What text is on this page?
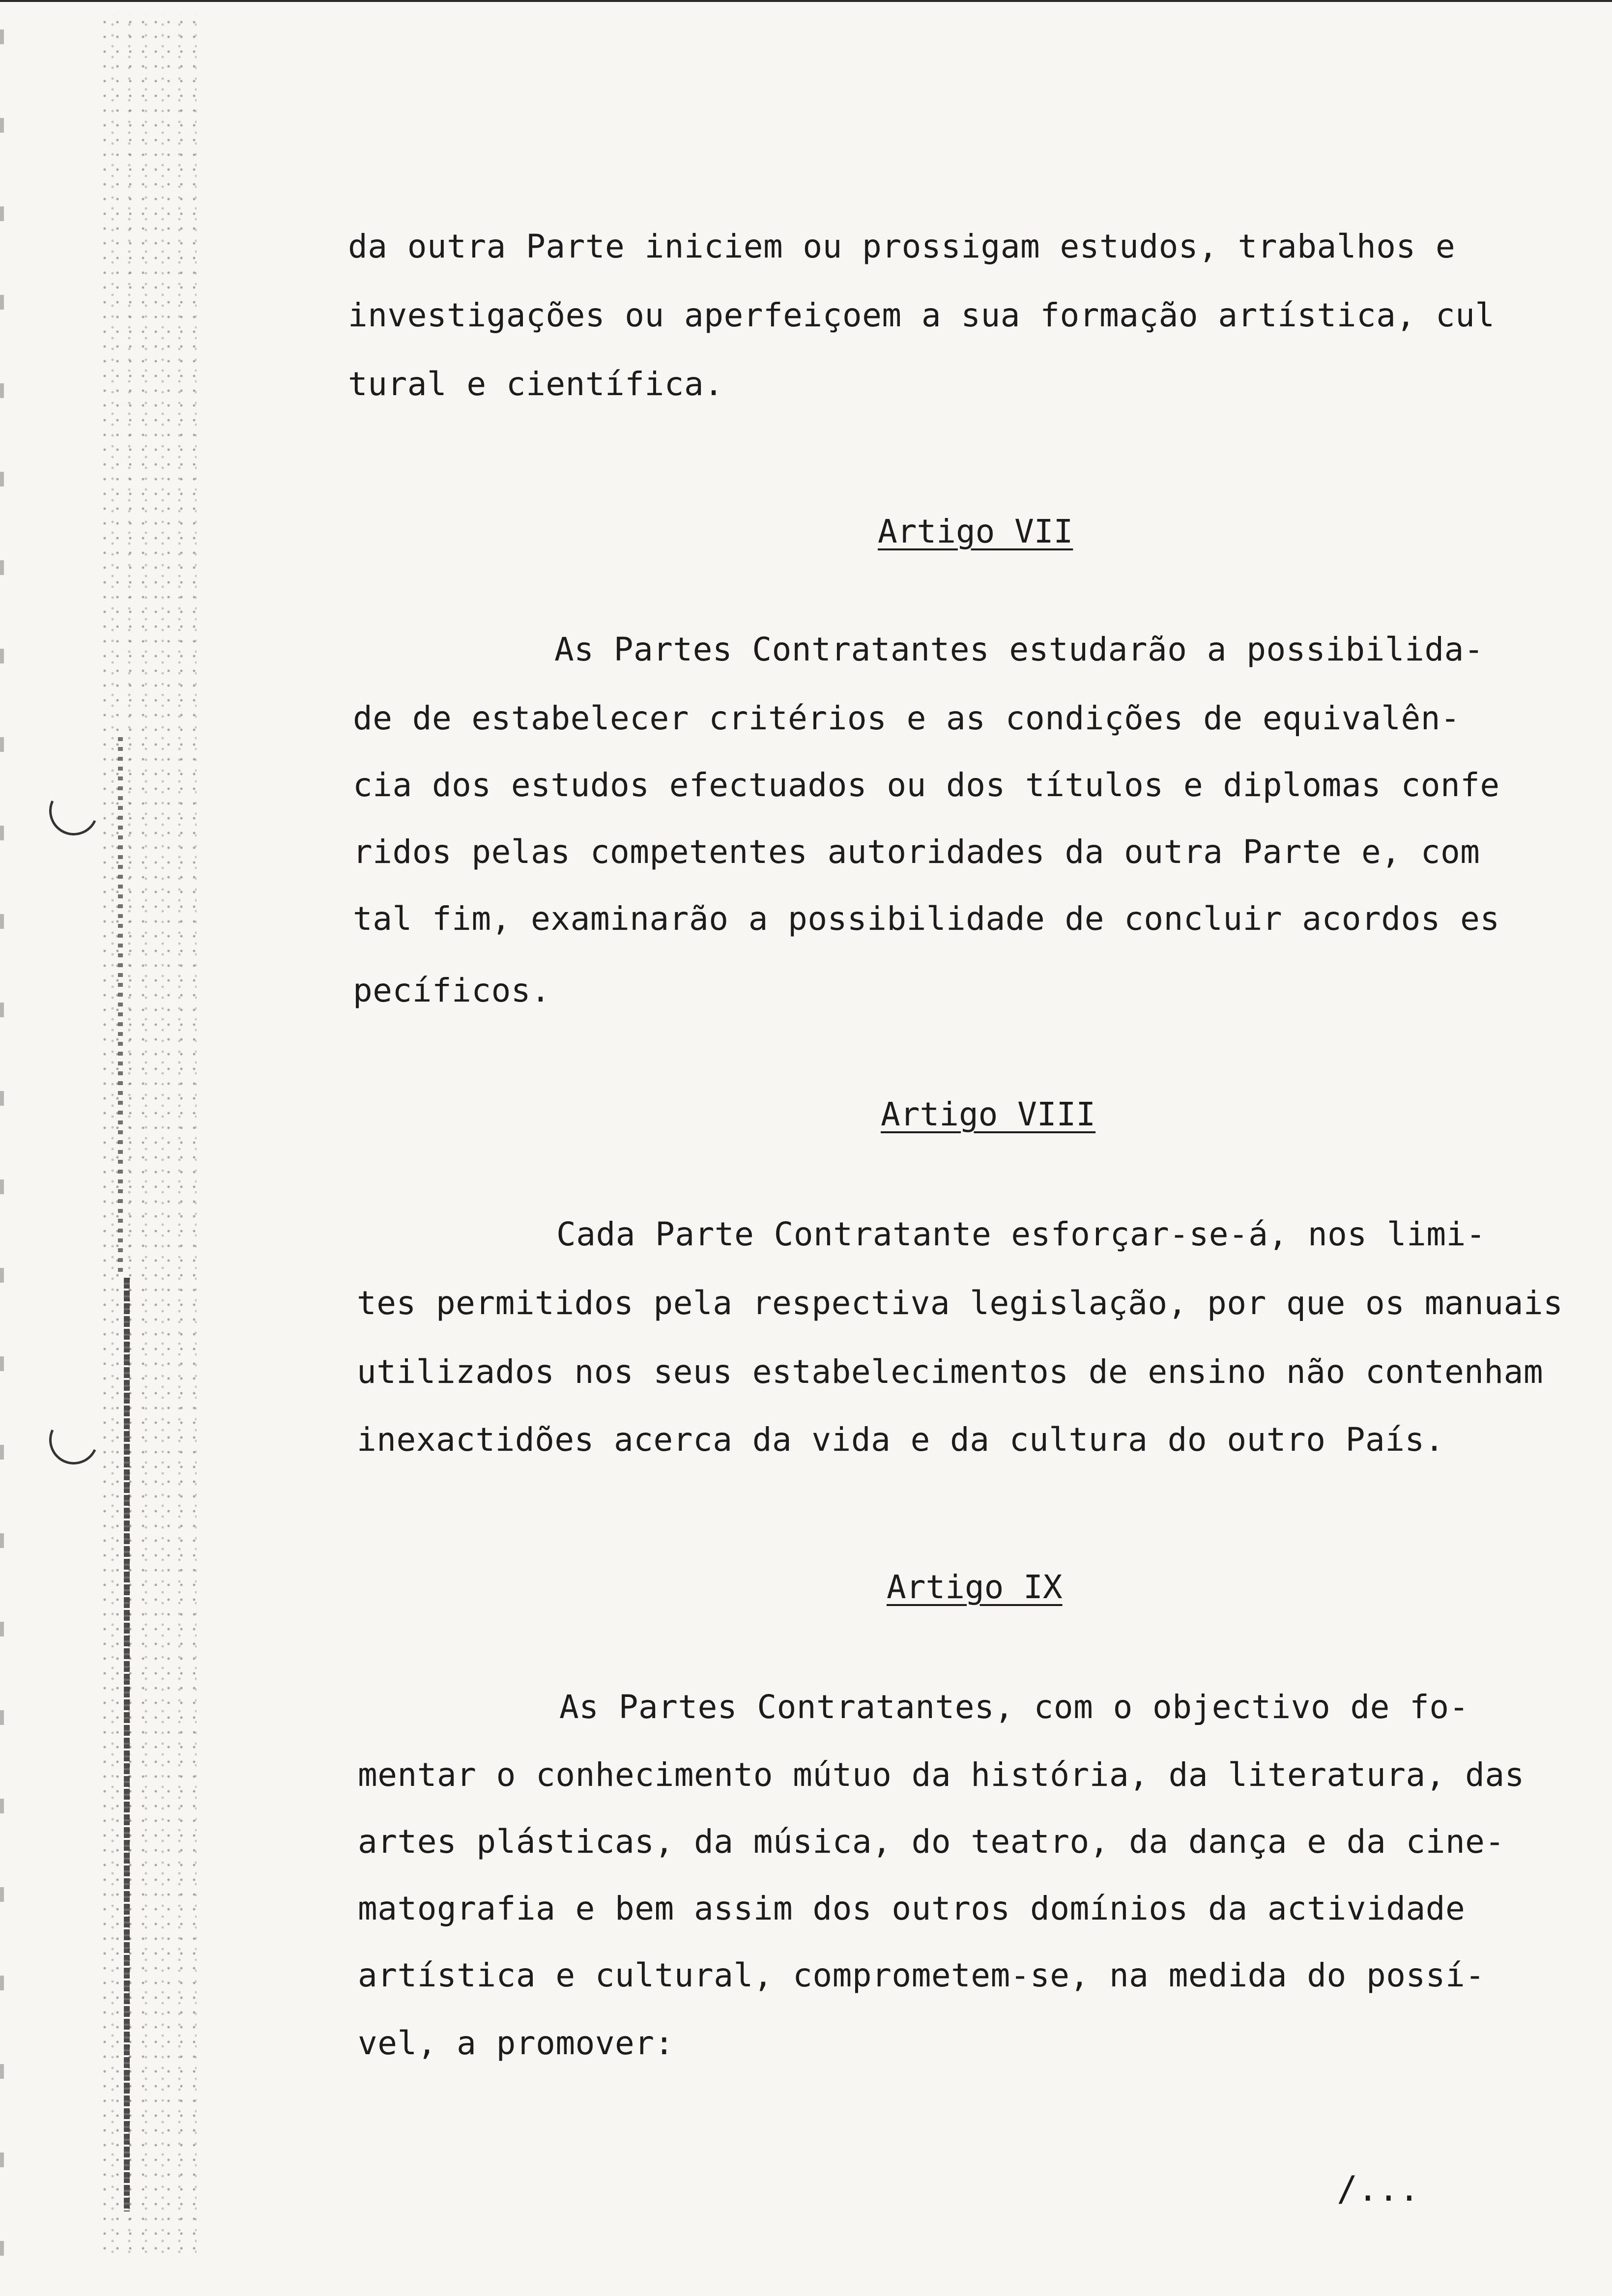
da outra Parte iniciem ou prossigam estudos, trabalhos e
investigações ou aperfeiçoem a sua formação artística, cul
tural e científica.
Artigo VII
As Partes Contratantes estudarão a possibilida-
de de estabelecer critérios e as condições de equivalên-
cia dos estudos efectuados ou dos títulos e diplomas confe
ridos pelas competentes autoridades da outra Parte e, com
tal fim, examinarão a possibilidade de concluir acordos es
pecíficos.
Artigo VIII
Cada Parte Contratante esforçar-se-á, nos limi-
tes permitidos pela respectiva legislação, por que os manuais
utilizados nos seus estabelecimentos de ensino não contenham
inexactidões acerca da vida e da cultura do outro País.
Artigo IX
As Partes Contratantes, com o objectivo de fo-
mentar o conhecimento mútuo da história, da literatura, das
artes plásticas, da música, do teatro, da dança e da cine-
matografia e bem assim dos outros domínios da actividade
artística e cultural, comprometem-se, na medida do possí-
vel, a promover:
/...
